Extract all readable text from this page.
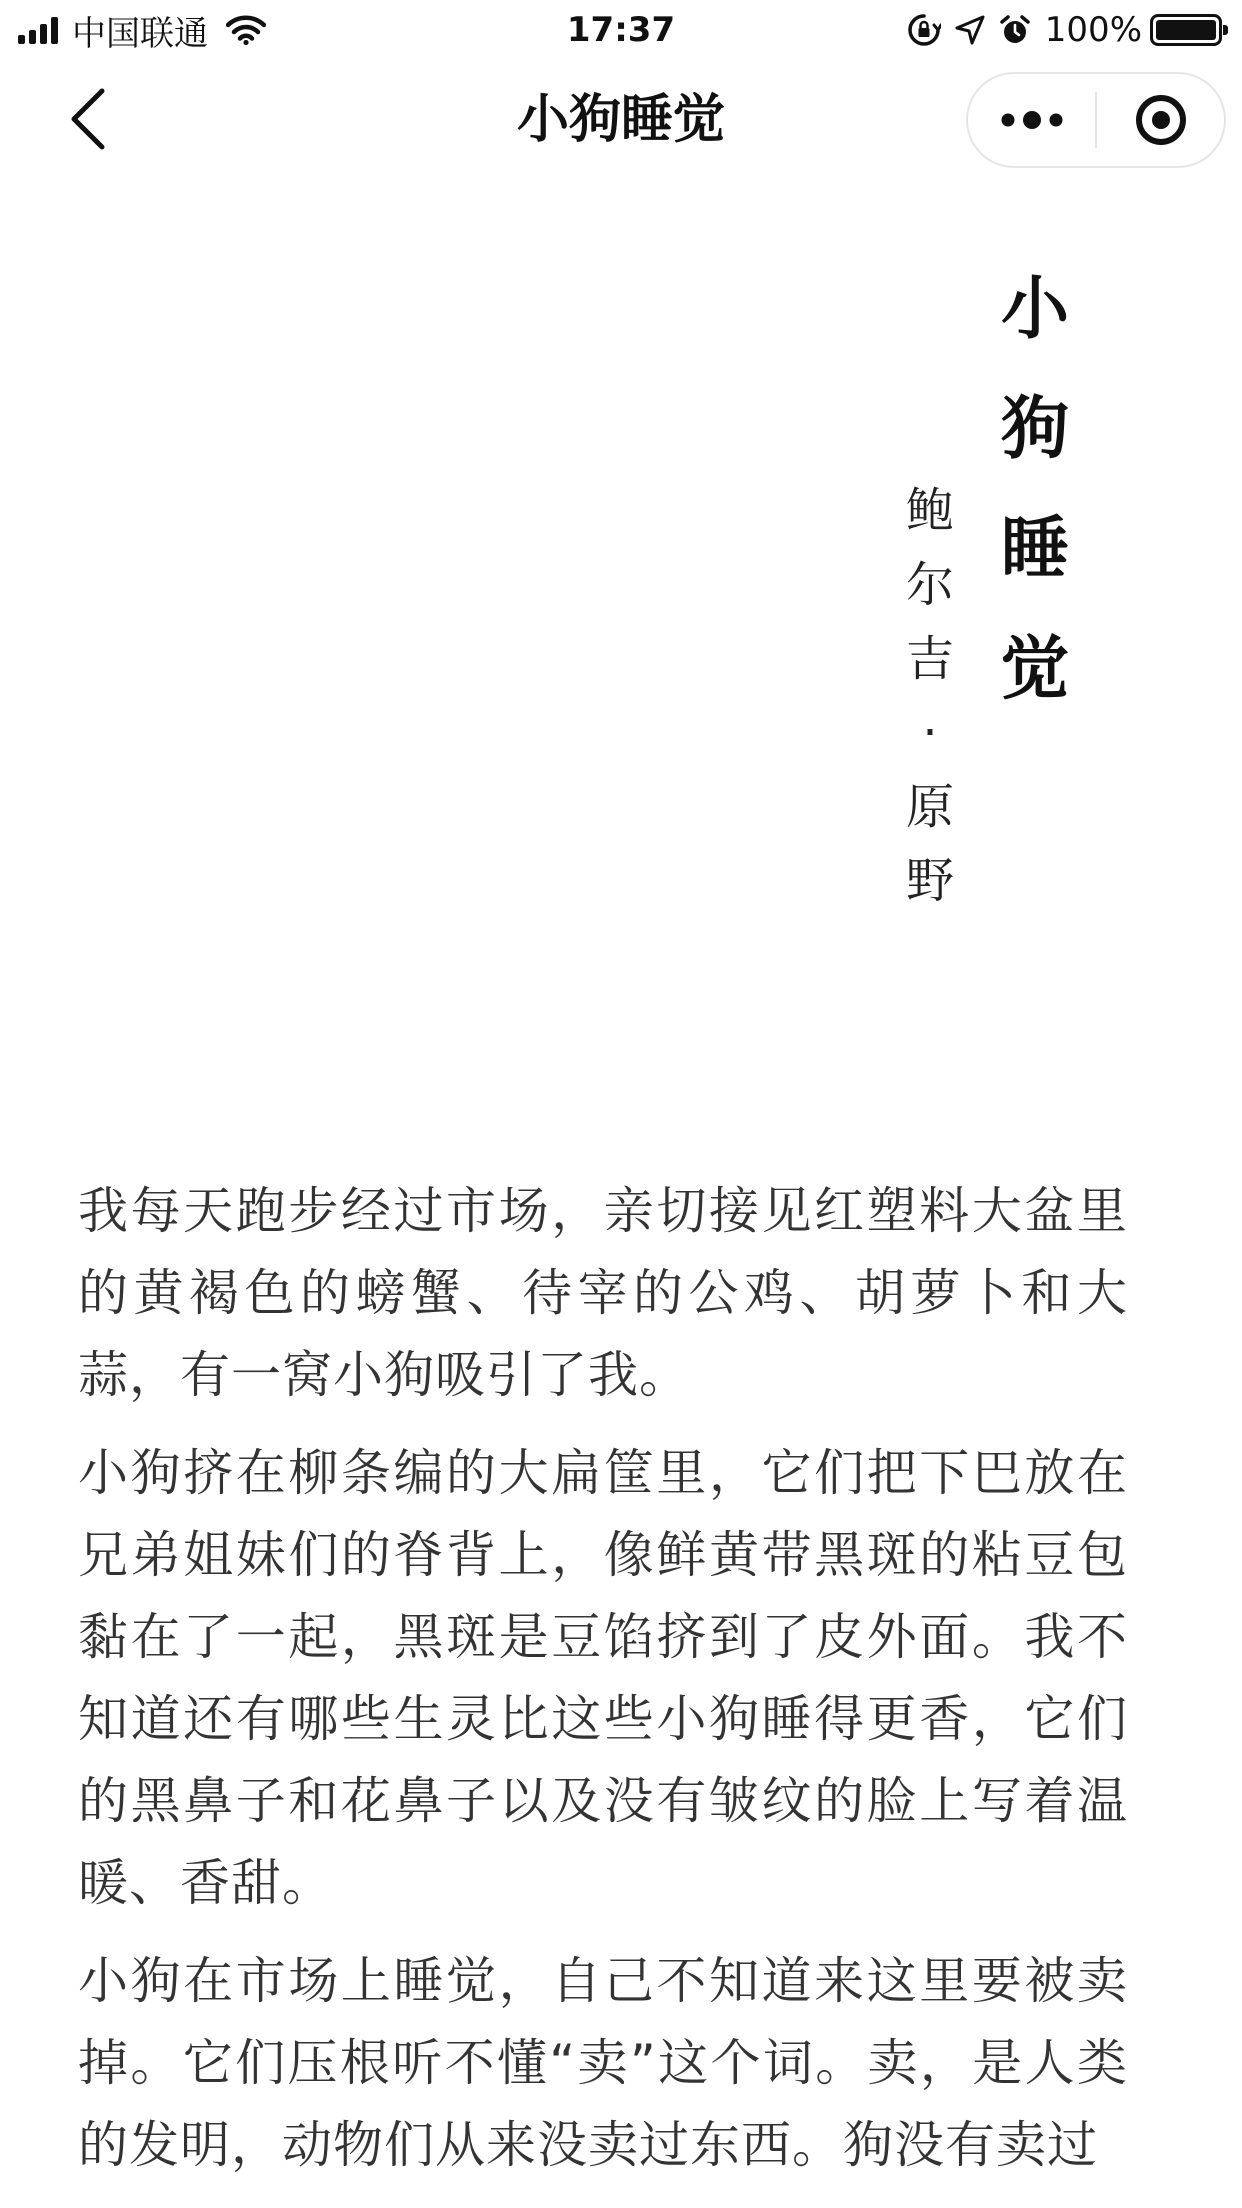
中国联通	17:37	100%
小狗睡觉
小
狗
睡
觉
鲍
尔
吉
·
原
野

我每天跑步经过市场，亲切接见红塑料大盆里的黄褐色的螃蟹、待宰的公鸡、胡萝卜和大蒜，有一窝小狗吸引了我。

小狗挤在柳条编的大扁筐里，它们把下巴放在兄弟姐妹们的脊背上，像鲜黄带黑斑的粘豆包黏在了一起，黑斑是豆馅挤到了皮外面。我不知道还有哪些生灵比这些小狗睡得更香，它们的黑鼻子和花鼻子以及没有皱纹的脸上写着温暖、香甜。

小狗在市场上睡觉，自己不知道来这里要被卖掉。它们压根听不懂“卖”这个词。卖，是人类的发明，动物们从来没卖过东西。狗没有卖过
